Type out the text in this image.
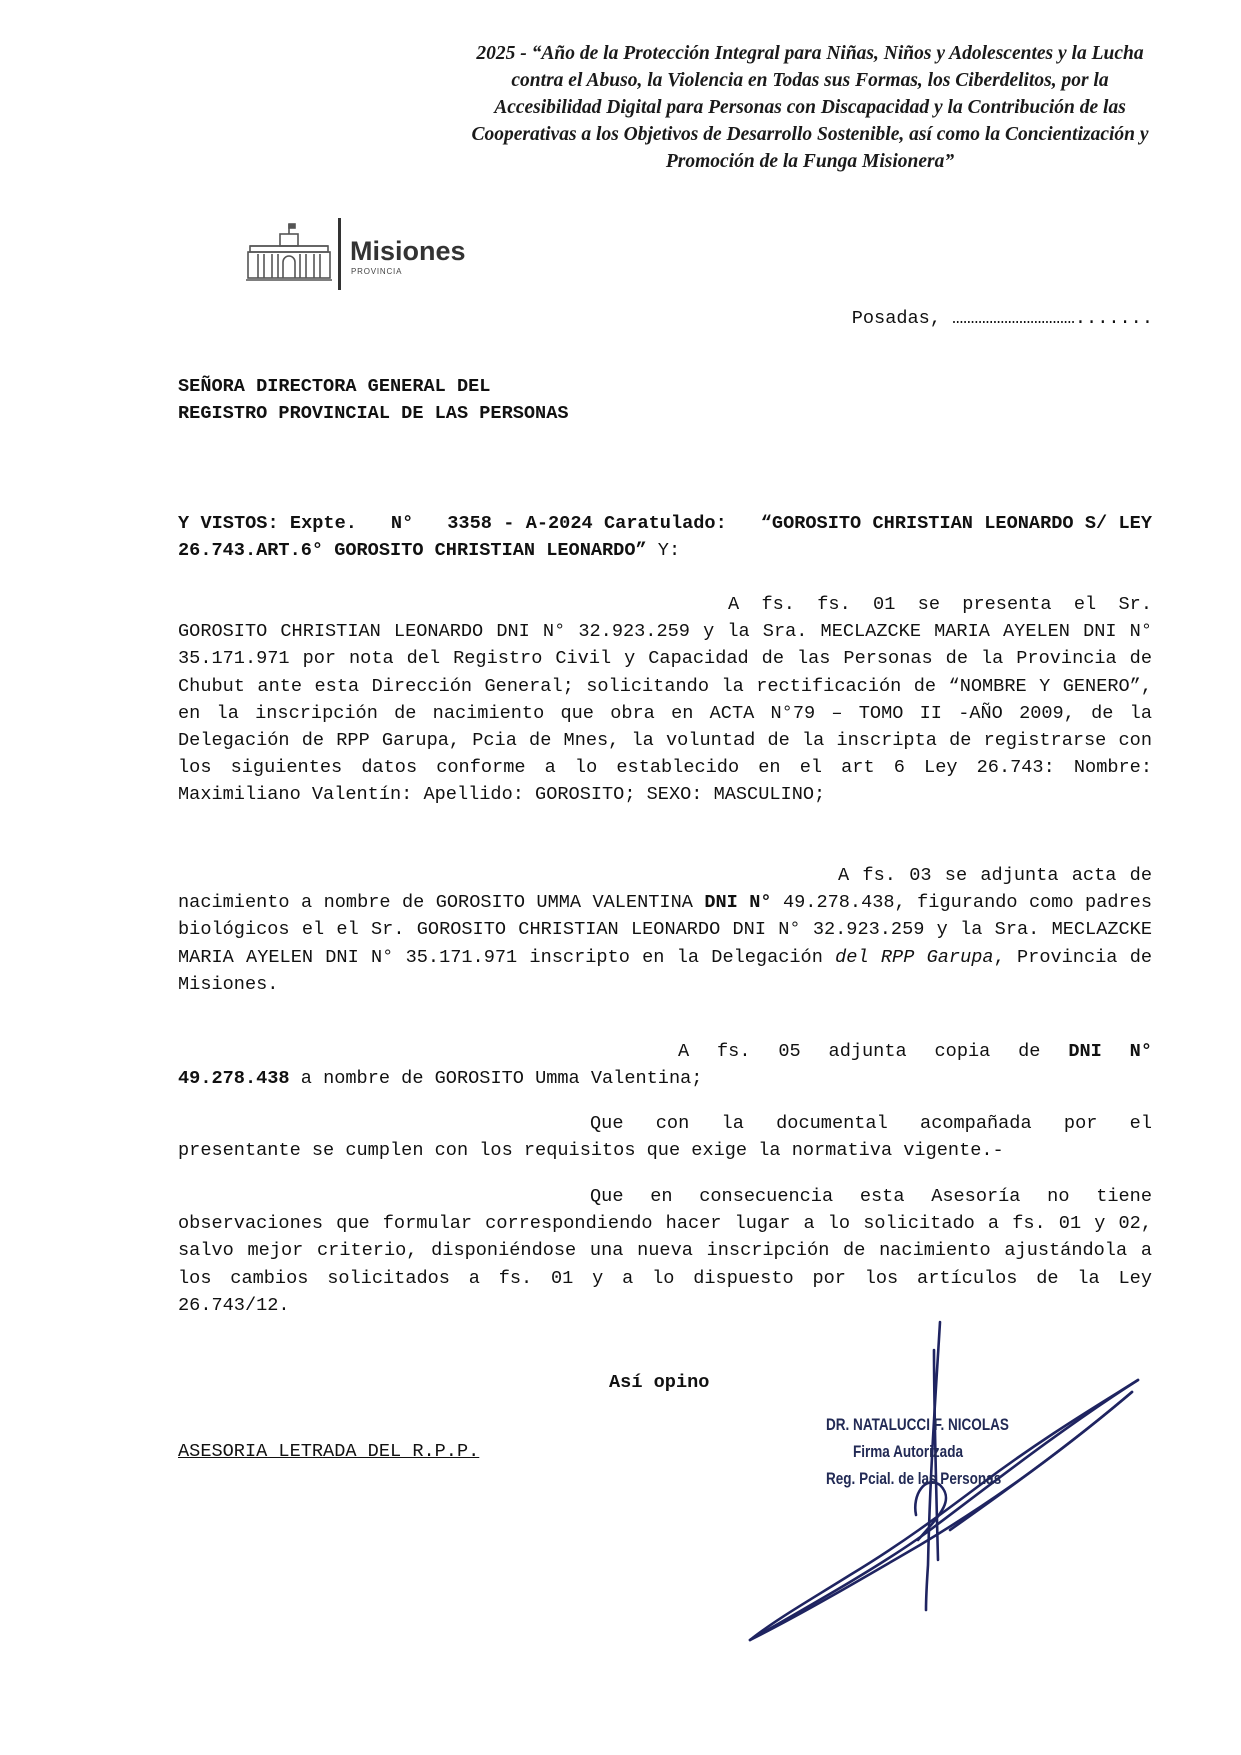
2025 - “Año de la Protección Integral para Niñas, Niños y Adolescentes y la Lucha
contra el Abuso, la Violencia en Todas sus Formas, los Ciberdelitos, por la
Accesibilidad Digital para Personas con Discapacidad y la Contribución de las
Cooperativas a los Objetivos de Desarrollo Sostenible, así como la Concientización y
Promoción de la Funga Misionera”
Misiones
PROVINCIA
Posadas, …………………………….......
SEÑORA DIRECTORA GENERAL DEL
REGISTRO PROVINCIAL DE LAS PERSONAS
Y VISTOS: Expte. N° 3358 - A-2024 Caratulado: “GOROSITO CHRISTIAN LEONARDO S/ LEY 26.743.ART.6° GOROSITO CHRISTIAN LEONARDO” Y:
A fs. fs. 01 se presenta el Sr. GOROSITO CHRISTIAN LEONARDO DNI N° 32.923.259 y la Sra. MECLAZCKE MARIA AYELEN DNI N° 35.171.971 por nota del Registro Civil y Capacidad de las Personas de la Provincia de Chubut ante esta Dirección General; solicitando la rectificación de “NOMBRE Y GENERO”, en la inscripción de nacimiento que obra en ACTA N°79 – TOMO II -AÑO 2009, de la Delegación de RPP Garupa, Pcia de Mnes, la voluntad de la inscripta de registrarse con los siguientes datos conforme a lo establecido en el art 6 Ley 26.743: Nombre: Maximiliano Valentín: Apellido: GOROSITO; SEXO: MASCULINO;
A fs. 03 se adjunta acta de nacimiento a nombre de GOROSITO UMMA VALENTINA DNI N° 49.278.438, figurando como padres biológicos el el Sr. GOROSITO CHRISTIAN LEONARDO DNI N° 32.923.259 y la Sra. MECLAZCKE MARIA AYELEN DNI N° 35.171.971 inscripto en la Delegación del RPP Garupa, Provincia de Misiones.
A fs. 05 adjunta copia de DNI N° 49.278.438 a nombre de GOROSITO Umma Valentina;
Que con la documental acompañada por el presentante se cumplen con los requisitos que exige la normativa vigente.-
Que en consecuencia esta Asesoría no tiene observaciones que formular correspondiendo hacer lugar a lo solicitado a fs. 01 y 02, salvo mejor criterio, disponiéndose una nueva inscripción de nacimiento ajustándola a los cambios solicitados a fs. 01 y a lo dispuesto por los artículos de la Ley 26.743/12.
Así opino
ASESORIA LETRADA DEL R.P.P.
DR. NATALUCCI F. NICOLAS
Firma Autorizada
Reg. Pcial. de las Personas
